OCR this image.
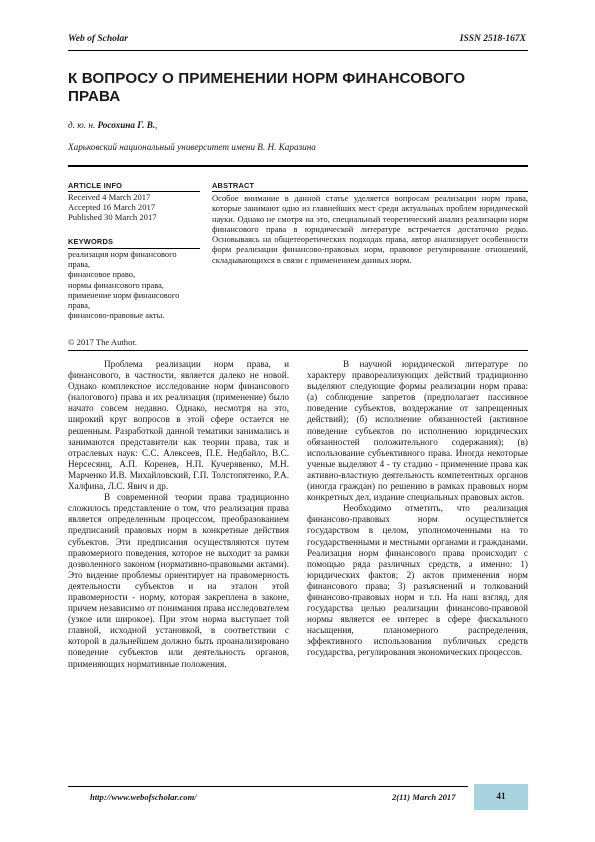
Web of Scholar	ISSN 2518-167X
К ВОПРОСУ О ПРИМЕНЕНИИ НОРМ ФИНАНСОВОГО ПРАВА
д. ю. н. Росохина Г. В.,
Харьковский национальный университет имени В. Н. Каразина
ARTICLE INFO
Received 4 March 2017
Accepted 16 March 2017
Published 30 March 2017
KEYWORDS
реализация норм финансового права,
финансовое право,
нормы финансового права,
применение норм финансового права,
финансово-правовые акты.
ABSTRACT
Особое внимание в данной статье уделяется вопросам реализации норм права, которые занимают одно из главнейших мест среди актуальных проблем юридической науки. Однако не смотря на это, специальный теоретический анализ реализации норм финансового права в юридической литературе встречается достаточно редко. Основываясь на общетеоретических подходах права, автор анализирует особенности форм реализации финансово-правовых норм, правовое регулирование отношений, складывающихся в связи с применением данных норм.
© 2017 The Author.

Проблема реализации норм права, и финансового, в частности, является далеко не новой. Однако комплексное исследование норм финансового (налогового) права и их реализация (применение) было начато совсем недавно. Однако, несмотря на это, широкий круг вопросов в этой сфере остается не решенным. Разработкой данной тематики занимались и занимаются представители как теории права, так и отраслевых наук: С.С. Алексеев, П.Е. Недбайло, В.С. Нерсесянц, А.П. Коренев, Н.П. Кучерявенко, М.Н. Марченко И.В. Михайловский, Г.П. Толстопятенко, Р.А. Халфина, Л.С. Явич и др.

В современной теории права традиционно сложилось представление о том, что реализация права является определенным процессом, преобразованием предписаний правовых норм в конкретные действия субъектов. Эти предписания осуществляются путем правомерного поведения, которое не выходит за рамки дозволенного законом (нормативно-правовыми актами). Это видение проблемы ориентирует на правомерность деятельности субъектов и на эталон этой правомерности - норму, которая закреплена в законе, причем независимо от понимания права исследователем (узкое или широкое). При этом норма выступает той главной, исходной установкой, в соответствии с которой в дальнейшем должно быть проанализировано поведение субъектов или деятельность органов, применяющих нормативные положения.

В научной юридической литературе по характеру правореализующих действий традиционно выделяют следующие формы реализации норм права: (а) соблюдение запретов (предполагает пассивное поведение субъектов, воздержание от запрещенных действий); (б) исполнение обязанностей (активное поведение субъектов по исполнению юридических обязанностей положительного содержания); (в) использование субъективного права. Иногда некоторые ученые выделяют 4 - ту стадию - применение права как активно-властную деятельность компетентных органов (иногда граждан) по решению в рамках правовых норм конкретных дел, издание специальных правовых актов.

Необходимо отметить, что реализация финансово-правовых норм осуществляется государством в целом, уполномоченными на то государственными и местными органами и гражданами. Реализация норм финансового права происходит с помощью ряда различных средств, а именно: 1) юридических фактов; 2) актов применения норм финансового права; 3) разъяснений и толкований финансово-правовых норм и т.п. На наш взгляд, для государства целью реализации финансово-правовой нормы является ее интерес в сфере фискального насыщения, планомерного распределения, эффективного использования публичных средств государства, регулирования экономических процессов.

http://www.webofscholar.com/	2(11) March 2017	41
